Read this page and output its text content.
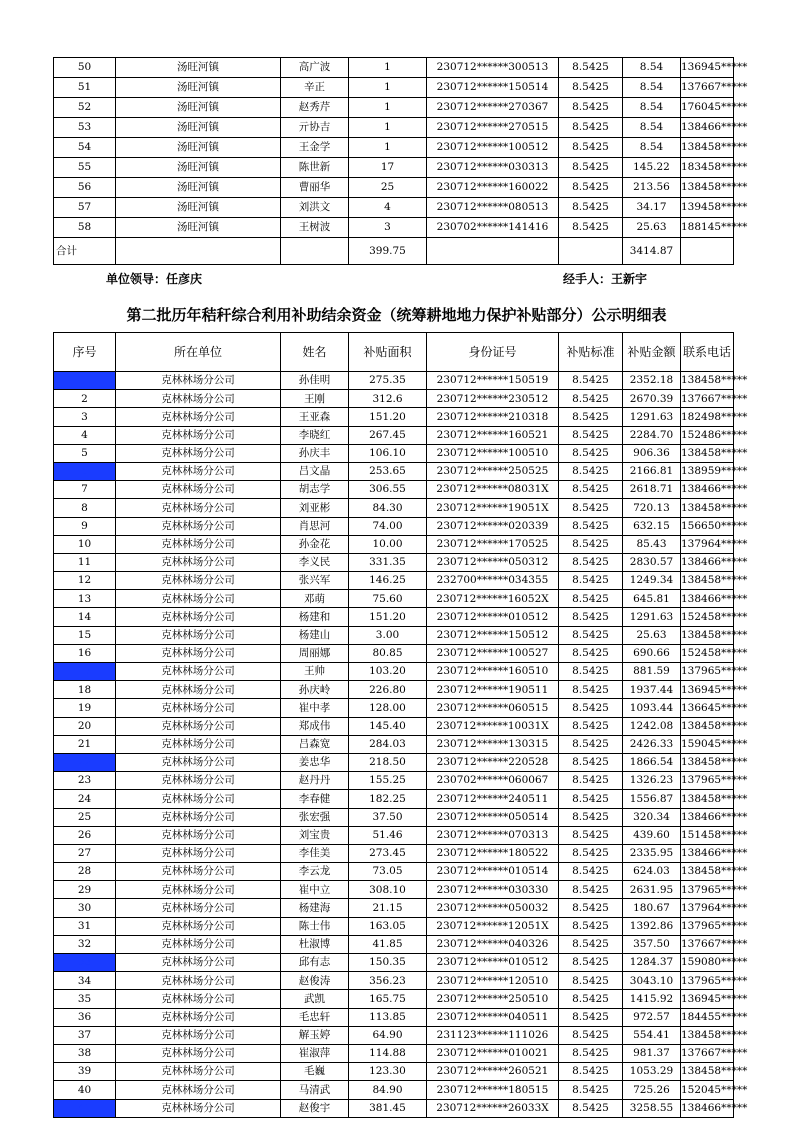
50	汤旺河镇	高广波	1	230712******300513	8.5425	8.54	136945*****
51	汤旺河镇	辛正	1	230712******150514	8.5425	8.54	137667*****
52	汤旺河镇	赵秀芹	1	230712******270367	8.5425	8.54	176045*****
53	汤旺河镇	亓协吉	1	230712******270515	8.5425	8.54	138466*****
54	汤旺河镇	王金学	1	230712******100512	8.5425	8.54	138458*****
55	汤旺河镇	陈世新	17	230712******030313	8.5425	145.22	183458*****
56	汤旺河镇	曹丽华	25	230712******160022	8.5425	213.56	138458*****
57	汤旺河镇	刘洪文	4	230712******080513	8.5425	34.17	139458*****
58	汤旺河镇	王树波	3	230702******141416	8.5425	25.63	188145*****
合计			399.75			3414.87	
单位领导：任彦庆	经手人：王新宇
第二批历年秸秆综合利用补助结余资金（统筹耕地地力保护补贴部分）公示明细表
序号	所在单位	姓名	补贴面积	身份证号	补贴标准	补贴金额	联系电话
1	克林林场分公司	孙佳明	275.35	230712******150519	8.5425	2352.18	138458*****
2	克林林场分公司	王刚	312.6	230712******230512	8.5425	2670.39	137667*****
3	克林林场分公司	王亚森	151.20	230712******210318	8.5425	1291.63	182498*****
4	克林林场分公司	李晓红	267.45	230712******160521	8.5425	2284.70	152486*****
5	克林林场分公司	孙庆丰	106.10	230712******100510	8.5425	906.36	138458*****
6	克林林场分公司	吕文晶	253.65	230712******250525	8.5425	2166.81	138959*****
7	克林林场分公司	胡志学	306.55	230712******08031X	8.5425	2618.71	138466*****
8	克林林场分公司	刘亚彬	84.30	230712******19051X	8.5425	720.13	138458*****
9	克林林场分公司	肖思河	74.00	230712******020339	8.5425	632.15	156650*****
10	克林林场分公司	孙金花	10.00	230712******170525	8.5425	85.43	137964*****
11	克林林场分公司	李义民	331.35	230712******050312	8.5425	2830.57	138466*****
12	克林林场分公司	张兴军	146.25	232700******034355	8.5425	1249.34	138458*****
13	克林林场分公司	邓萌	75.60	230712******16052X	8.5425	645.81	138466*****
14	克林林场分公司	杨建和	151.20	230712******010512	8.5425	1291.63	152458*****
15	克林林场分公司	杨建山	3.00	230712******150512	8.5425	25.63	138458*****
16	克林林场分公司	周丽娜	80.85	230712******100527	8.5425	690.66	152458*****
17	克林林场分公司	王帅	103.20	230712******160510	8.5425	881.59	137965*****
18	克林林场分公司	孙庆岭	226.80	230712******190511	8.5425	1937.44	136945*****
19	克林林场分公司	崔中孝	128.00	230712******060515	8.5425	1093.44	136645*****
20	克林林场分公司	郑成伟	145.40	230712******10031X	8.5425	1242.08	138458*****
21	克林林场分公司	吕森宽	284.03	230712******130315	8.5425	2426.33	159045*****
22	克林林场分公司	姜忠华	218.50	230712******220528	8.5425	1866.54	138458*****
23	克林林场分公司	赵丹丹	155.25	230702******060067	8.5425	1326.23	137965*****
24	克林林场分公司	李春健	182.25	230712******240511	8.5425	1556.87	138458*****
25	克林林场分公司	张宏强	37.50	230712******050514	8.5425	320.34	138466*****
26	克林林场分公司	刘宝贵	51.46	230712******070313	8.5425	439.60	151458*****
27	克林林场分公司	李佳美	273.45	230712******180522	8.5425	2335.95	138466*****
28	克林林场分公司	李云龙	73.05	230712******010514	8.5425	624.03	138458*****
29	克林林场分公司	崔中立	308.10	230712******030330	8.5425	2631.95	137965*****
30	克林林场分公司	杨建海	21.15	230712******050032	8.5425	180.67	137964*****
31	克林林场分公司	陈士伟	163.05	230712******12051X	8.5425	1392.86	137965*****
32	克林林场分公司	杜淑博	41.85	230712******040326	8.5425	357.50	137667*****
33	克林林场分公司	邱有志	150.35	230712******010512	8.5425	1284.37	159080*****
34	克林林场分公司	赵俊涛	356.23	230712******120510	8.5425	3043.10	137965*****
35	克林林场分公司	武凯	165.75	230712******250510	8.5425	1415.92	136945*****
36	克林林场分公司	毛忠轩	113.85	230712******040511	8.5425	972.57	184455*****
37	克林林场分公司	解玉婷	64.90	231123******111026	8.5425	554.41	138458*****
38	克林林场分公司	崔淑萍	114.88	230712******010021	8.5425	981.37	137667*****
39	克林林场分公司	毛巍	123.30	230712******260521	8.5425	1053.29	138458*****
40	克林林场分公司	马清武	84.90	230712******180515	8.5425	725.26	152045*****
41	克林林场分公司	赵俊宇	381.45	230712******26033X	8.5425	3258.55	138466*****
